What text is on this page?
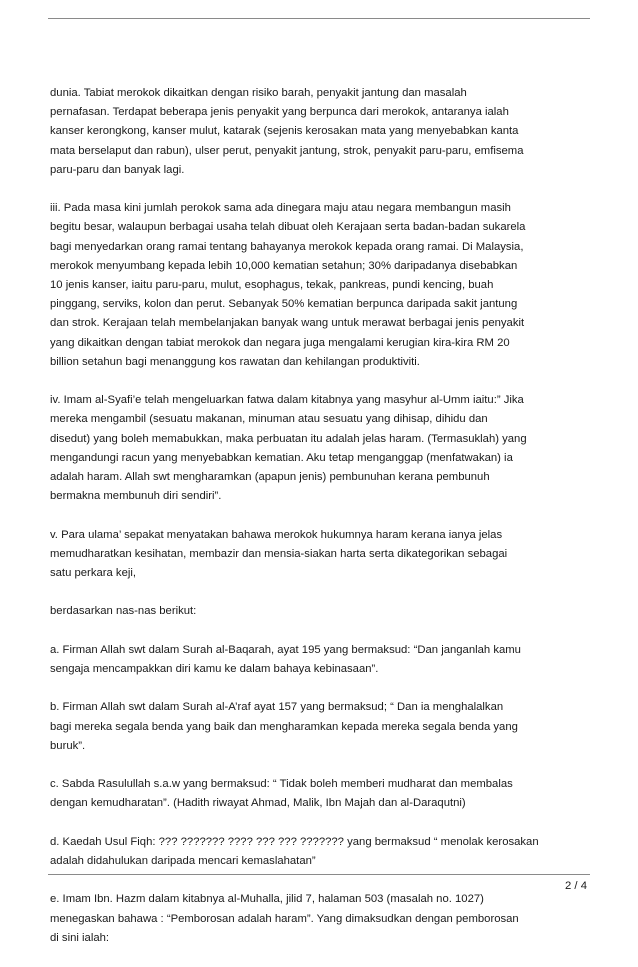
dunia. Tabiat merokok dikaitkan dengan risiko barah, penyakit jantung dan masalah
pernafasan. Terdapat beberapa jenis penyakit yang berpunca dari merokok, antaranya ialah
kanser kerongkong, kanser mulut, katarak (sejenis kerosakan mata yang menyebabkan kanta
mata berselaput dan rabun), ulser perut, penyakit jantung, strok, penyakit paru-paru, emfisema
paru-paru dan banyak lagi.

iii. Pada masa kini jumlah perokok sama ada dinegara maju atau negara membangun masih
begitu besar, walaupun berbagai usaha telah dibuat oleh Kerajaan serta badan-badan sukarela
bagi menyedarkan orang ramai tentang bahayanya merokok kepada orang ramai. Di Malaysia,
merokok menyumbang kepada lebih 10,000 kematian setahun; 30% daripadanya disebabkan
10 jenis kanser, iaitu paru-paru, mulut, esophagus, tekak, pankreas, pundi kencing, buah
pinggang, serviks, kolon dan perut. Sebanyak 50% kematian berpunca daripada sakit jantung
dan strok. Kerajaan telah membelanjakan banyak wang untuk merawat berbagai jenis penyakit
yang dikaitkan dengan tabiat merokok dan negara juga mengalami kerugian kira-kira RM 20
billion setahun bagi menanggung kos rawatan dan kehilangan produktiviti.

iv. Imam al-Syafi’e telah mengeluarkan fatwa dalam kitabnya yang masyhur al-Umm iaitu:” Jika
mereka mengambil (sesuatu makanan, minuman atau sesuatu yang dihisap, dihidu dan
disedut) yang boleh memabukkan, maka perbuatan itu adalah jelas haram. (Termasuklah) yang
mengandungi racun yang menyebabkan kematian. Aku tetap menganggap (menfatwakan) ia
adalah haram. Allah swt mengharamkan (apapun jenis) pembunuhan kerana pembunuh
bermakna membunuh diri sendiri”.

v. Para ulama’ sepakat menyatakan bahawa merokok hukumnya haram kerana ianya jelas
memudharatkan kesihatan, membazir dan mensia-siakan harta serta dikategorikan sebagai
satu perkara keji,

berdasarkan nas-nas berikut:

a. Firman Allah swt dalam Surah al-Baqarah, ayat 195 yang bermaksud: “Dan janganlah kamu
sengaja mencampakkan diri kamu ke dalam bahaya kebinasaan”.

b. Firman Allah swt dalam Surah al-A’raf ayat 157 yang bermaksud; “ Dan ia menghalalkan
bagi mereka segala benda yang baik dan mengharamkan kepada mereka segala benda yang
buruk”.

c. Sabda Rasulullah s.a.w yang bermaksud: “ Tidak boleh memberi mudharat dan membalas
dengan kemudharatan”. (Hadith riwayat Ahmad, Malik, Ibn Majah dan al-Daraqutni)

d. Kaedah Usul Fiqh: ??? ??????? ???? ??? ??? ??????? yang bermaksud “ menolak kerosakan
adalah didahulukan daripada mencari kemaslahatan”

e. Imam Ibn. Hazm dalam kitabnya al-Muhalla, jilid 7, halaman 503 (masalah no. 1027)
menegaskan bahawa : “Pemborosan adalah haram”. Yang dimaksudkan dengan pemborosan
di sini ialah:

2 / 4
